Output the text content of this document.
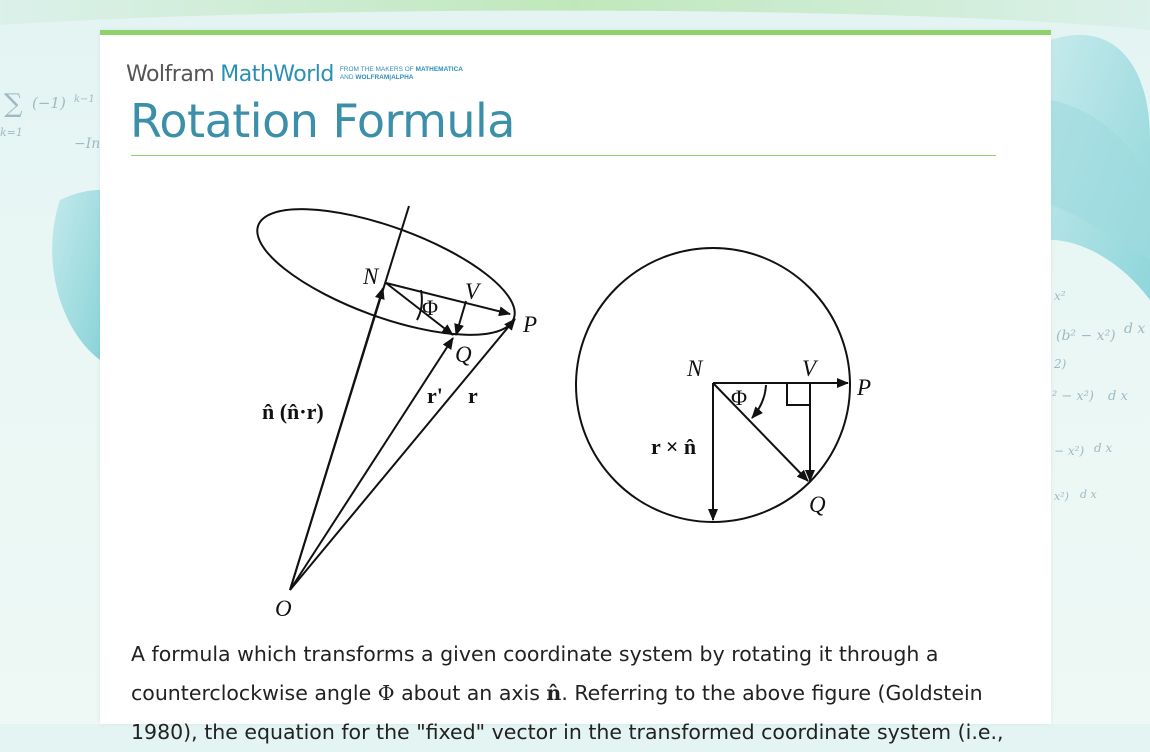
∑ (−1) k−1
k=1
−In
x²
(b² − x²) d x
2)
² − x²) d x
− x²) d x
x²) d x
Wolfram MathWorld FROM THE MAKERS OF MATHEMATICA
AND WOLFRAM|ALPHA
Rotation Formula
N
V
P
Q
Φ
r' r
n̂ (n̂·r)
O
N	V
P
Q
Φ
r × n̂

A formula which transforms a given coordinate system by rotating it through a

counterclockwise angle Φ about an axis n̂. Referring to the above figure (Goldstein

1980), the equation for the "fixed" vector in the transformed coordinate system (i.e.,
